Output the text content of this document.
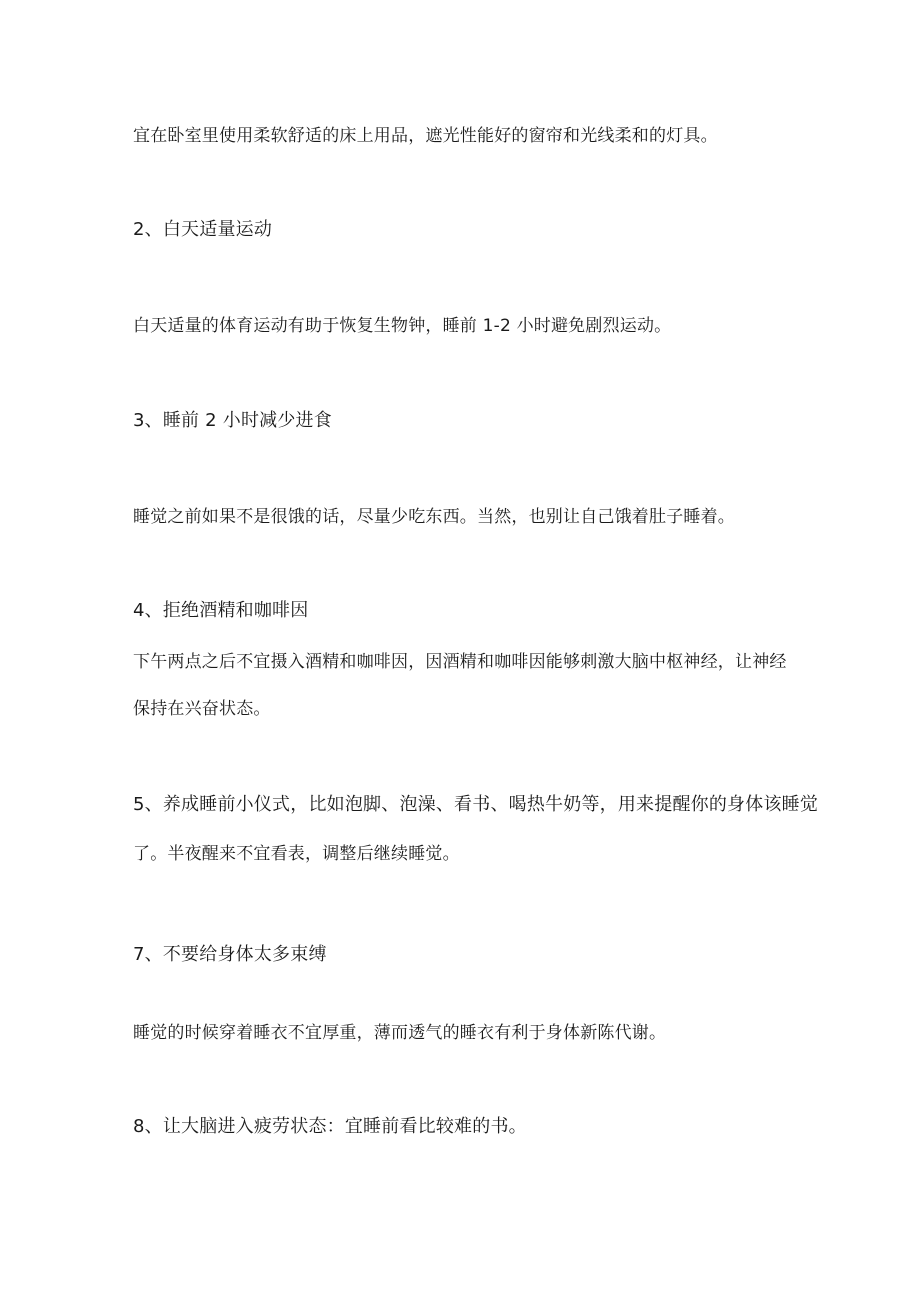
宜在卧室里使用柔软舒适的床上用品，遮光性能好的窗帘和光线柔和的灯具。
2、白天适量运动
白天适量的体育运动有助于恢复生物钟，睡前 1-2 小时避免剧烈运动。
3、睡前 2 小时减少进食
睡觉之前如果不是很饿的话，尽量少吃东西。当然，也别让自己饿着肚子睡着。
4、拒绝酒精和咖啡因
下午两点之后不宜摄入酒精和咖啡因，因酒精和咖啡因能够刺激大脑中枢神经，让神经
保持在兴奋状态。
5、养成睡前小仪式，比如泡脚、泡澡、看书、喝热牛奶等，用来提醒你的身体该睡觉
了。半夜醒来不宜看表，调整后继续睡觉。
7、不要给身体太多束缚
睡觉的时候穿着睡衣不宜厚重，薄而透气的睡衣有利于身体新陈代谢。
8、让大脑进入疲劳状态：宜睡前看比较难的书。
